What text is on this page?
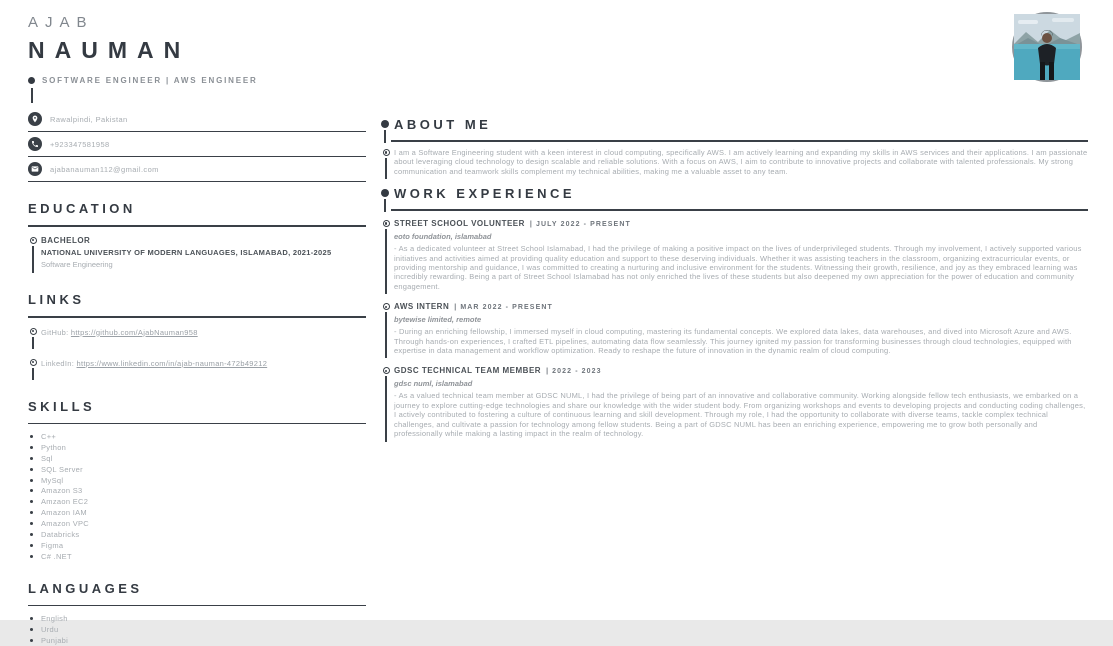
AJAB
NAUMAN
SOFTWARE ENGINEER | AWS ENGINEER
Rawalpindi, Pakistan
+923347581958
ajabanauman112@gmail.com
EDUCATION
BACHELOR
NATIONAL UNIVERSITY OF MODERN LANGUAGES, ISLAMABAD, 2021-2025
Software Engineering
LINKS
GitHub: https://github.com/AjabNauman958
LinkedIn: https://www.linkedin.com/in/ajab-nauman-472b49212
SKILLS
C++
Python
Sql
SQL Server
MySql
Amazon S3
Amzaon EC2
Amazon IAM
Amazon VPC
Databricks
Figma
C# .NET
LANGUAGES
English
Urdu
Punjabi
ABOUT ME
I am a Software Engineering student with a keen interest in cloud computing, specifically AWS. I am actively learning and expanding my skills in AWS services and their applications. I am passionate about leveraging cloud technology to design scalable and reliable solutions. With a focus on AWS, I aim to contribute to innovative projects and collaborate with talented professionals. My strong communication and teamwork skills complement my technical abilities, making me a valuable asset to any team.
WORK EXPERIENCE
STREET SCHOOL VOLUNTEER | JULY 2022 - PRESENT
eoto foundation, islamabad
- As a dedicated volunteer at Street School Islamabad, I had the privilege of making a positive impact on the lives of underprivileged students. Through my involvement, I actively supported various initiatives and activities aimed at providing quality education and support to these deserving individuals. Whether it was assisting teachers in the classroom, organizing extracurricular events, or providing mentorship and guidance, I was committed to creating a nurturing and inclusive environment for the students. Witnessing their growth, resilience, and joy as they embraced learning was incredibly rewarding. Being a part of Street School Islamabad has not only enriched the lives of these students but also deepened my own appreciation for the power of education and community engagement.
AWS INTERN | MAR 2022 - PRESENT
bytewise limited, remote
- During an enriching fellowship, I immersed myself in cloud computing, mastering its fundamental concepts. We explored data lakes, data warehouses, and dived into Microsoft Azure and AWS. Through hands-on experiences, I crafted ETL pipelines, automating data flow seamlessly. This journey ignited my passion for transforming businesses through cloud technologies, equipped with expertise in data management and workflow optimization. Ready to reshape the future of innovation in the dynamic realm of cloud computing.
GDSC TECHNICAL TEAM MEMBER | 2022 - 2023
gdsc numl, islamabad
- As a valued technical team member at GDSC NUML, I had the privilege of being part of an innovative and collaborative community. Working alongside fellow tech enthusiasts, we embarked on a journey to explore cutting-edge technologies and share our knowledge with the wider student body. From organizing workshops and events to developing projects and conducting coding challenges, I actively contributed to fostering a culture of continuous learning and skill development. Through my role, I had the opportunity to collaborate with diverse teams, tackle complex technical challenges, and cultivate a passion for technology among fellow students. Being a part of GDSC NUML has been an enriching experience, empowering me to grow both personally and professionally while making a lasting impact in the realm of technology.
